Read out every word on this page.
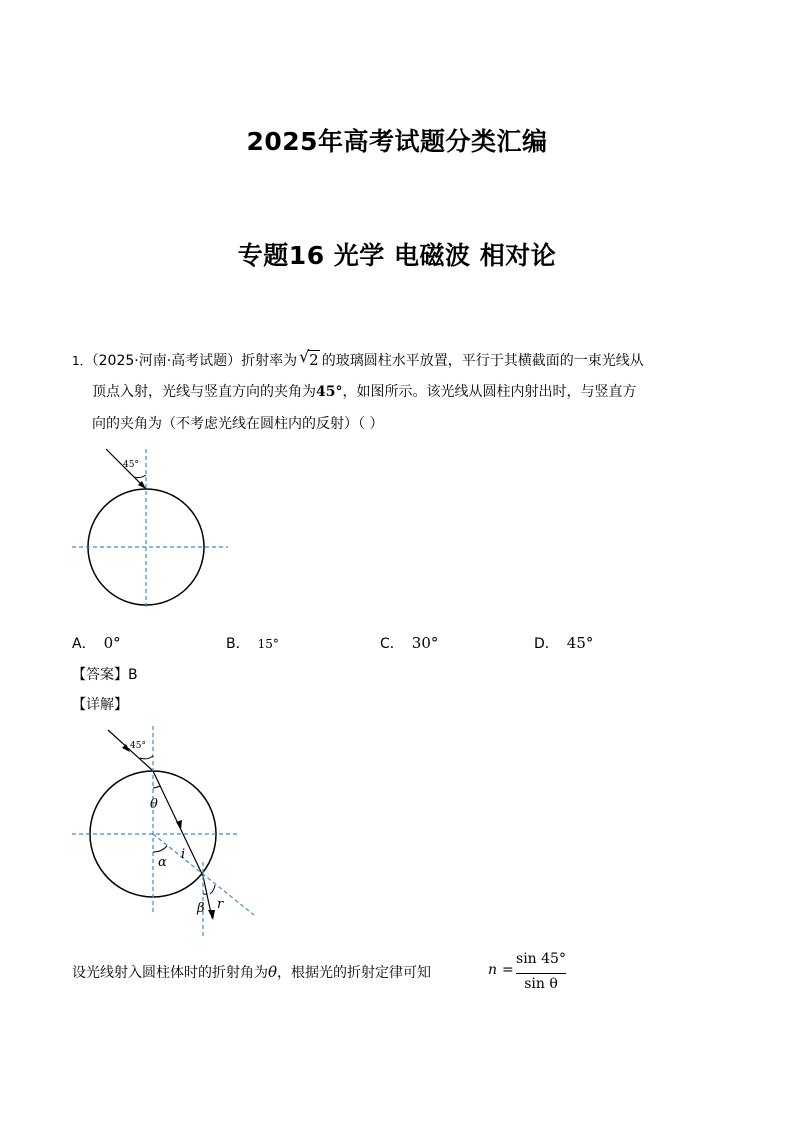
2025年高考试题分类汇编
专题16 光学 电磁波 相对论
1．（2025·河南·高考试题）折射率为 √ 2 的玻璃圆柱水平放置，平行于其横截面的一束光线从
顶点入射，光线与竖直方向的夹角为45°，如图所示。该光线从圆柱内射出时，与竖直方
向的夹角为（不考虑光线在圆柱内的反射）（ ）
45°
A． 0°	B． 15°	C． 30°	D． 45°
【答案】B
【详解】
45°
θ
α
i
β r
设光线射入圆柱体时的折射角为θ，根据光的折射定律可知	n =
sin 45°
sin θ
